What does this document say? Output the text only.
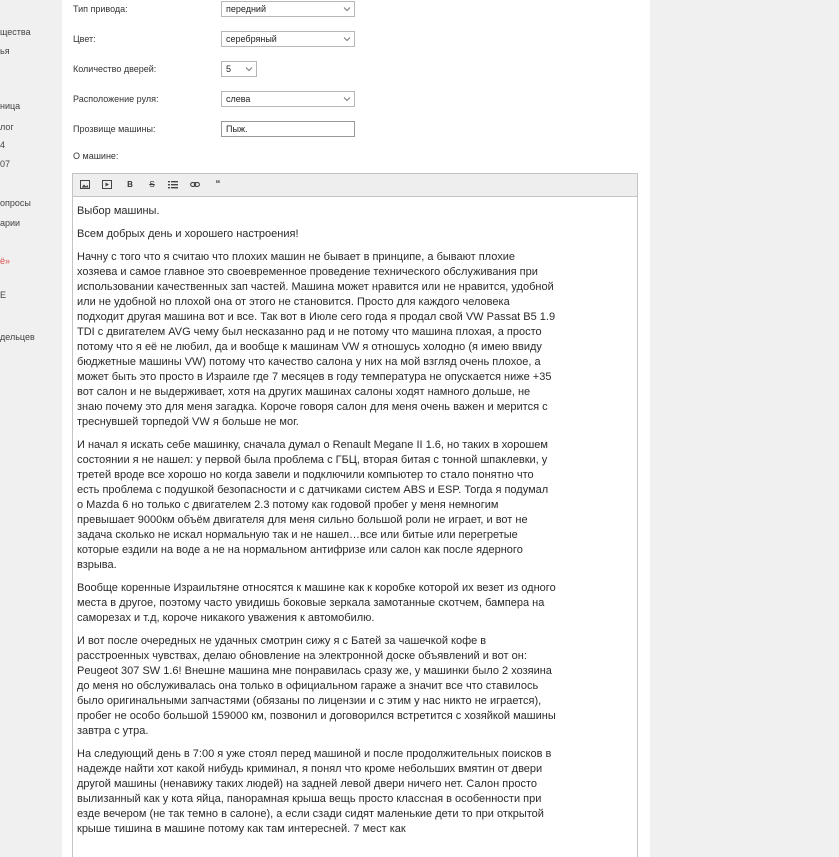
щества
ья
ница
лог
4
07
опросы
арии
ё»
E
дельцев
Тип привода:	передний
Цвет:	серебряный
Количество дверей:	5
Расположение руля:	слева
Прозвище машины:	Пыж.
О машине:
B	S	“

Выбор машины.

Всем добрых день и хорошего настроения!

Начну с того что я считаю что плохих машин не бывает в принципе, а бывают плохие хозяева и самое главное это своевременное проведение технического обслуживания при использовании качественных зап частей. Машина может нравится или не нравится, удобной или не удобной но плохой она от этого не становится. Просто для каждого человека подходит другая машина вот и все. Так вот в Июле сего года я продал свой VW Passat B5 1.9 TDI с двигателем AVG чему был несказанно рад и не потому что машина плохая, а просто потому что я её не любил, да и вообще к машинам VW я отношусь холодно (я имею ввиду бюджетные машины VW) потому что качество салона у них на мой взгляд очень плохое, а может быть это просто в Израиле где 7 месяцев в году температура не опускается ниже +35 вот салон и не выдерживает, хотя на других машинах салоны ходят намного дольше, не знаю почему это для меня загадка. Короче говоря салон для меня очень важен и мерится с треснувшей торпедой VW я больше не мог.

И начал я искать себе машинку, сначала думал о Renault Megane II 1.6, но таких в хорошем состоянии я не нашел: у первой была проблема с ГБЦ, вторая битая с тонной шпаклевки, у третей вроде все хорошо но когда завели и подключили компьютер то стало понятно что есть проблема с подушкой безопасности и с датчиками систем ABS и ESP. Тогда я подумал о Mazda 6 но только с двигателем 2.3 потому как годовой пробег у меня немногим превышает 9000км объём двигателя для меня сильно большой роли не играет, и вот не задача сколько не искал нормальную так и не нашел…все или битые или перегретые которые ездили на воде а не на нормальном антифризе или салон как после ядерного взрыва.

Вообще коренные Израильтяне относятся к машине как к коробке которой их везет из одного места в другое, поэтому часто увидишь боковые зеркала замотанные скотчем, бампера на саморезах и т.д, короче никакого уважения к автомобилю.

И вот после очередных не удачных смотрин сижу я с Батей за чашечкой кофе в расстроенных чувствах, делаю обновление на электронной доске объявлений и вот он: Peugeot 307 SW 1.6! Внешне машина мне понравилась сразу же, у машинки было 2 хозяина до меня но обслуживалась она только в официальном гараже а значит все что ставилось было оригинальными запчастями (обязаны по лицензии и с этим у нас никто не играется), пробег не особо большой 159000 км, позвонил и договорился встретится с хозяйкой машины завтра с утра.

На следующий день в 7:00 я уже стоял перед машиной и после продолжительных поисков в надежде найти хот какой нибудь криминал, я понял что кроме небольших вмятин от двери другой машины (ненавижу таких людей) на задней левой двери ничего нет. Салон просто вылизанный как у кота яйца, панорамная крыша вещь просто классная в особенности при езде вечером (не так темно в салоне), а если сзади сидят маленькие дети то при открытой крыше тишина в машине потому как там интересней. 7 мест как
